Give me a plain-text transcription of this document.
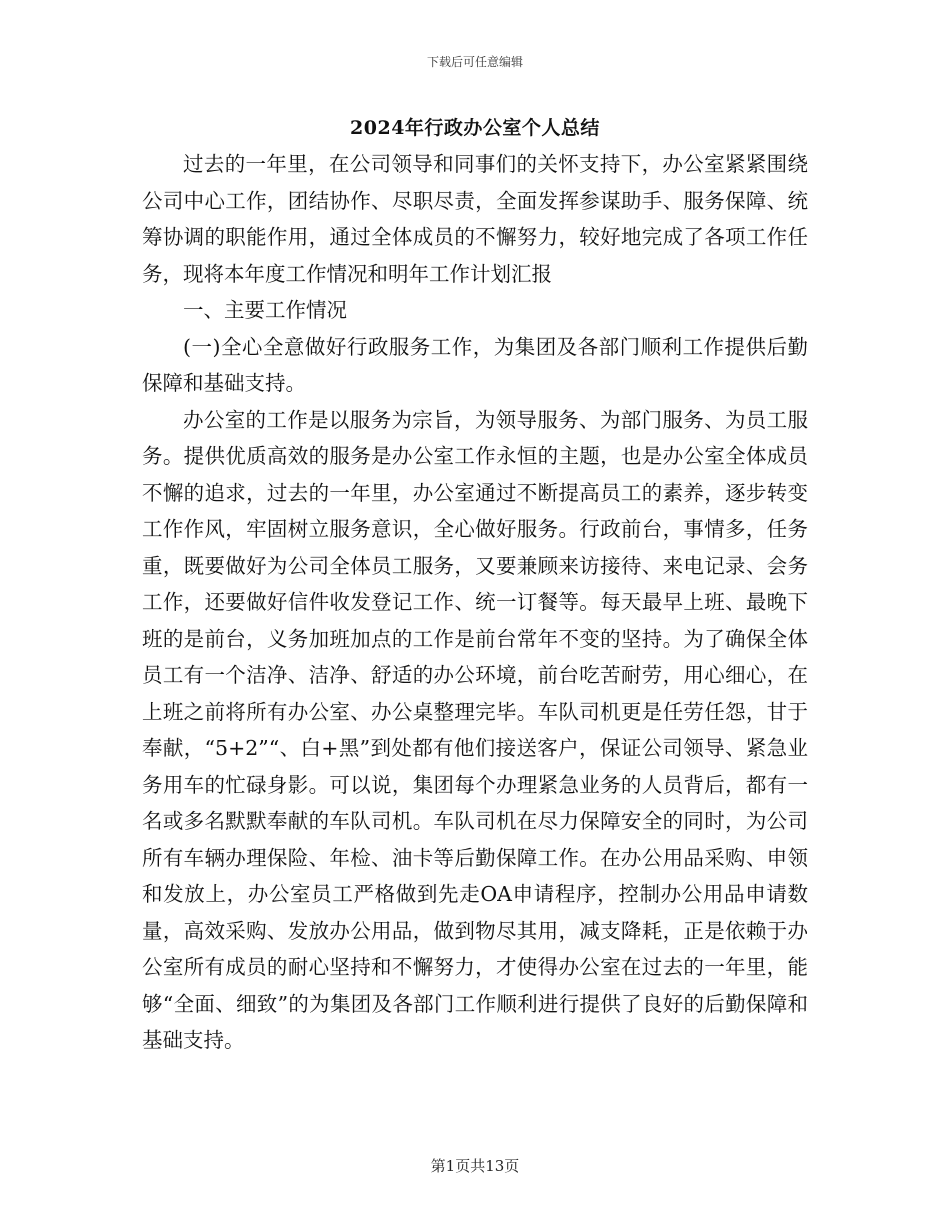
下载后可任意编辑
2024年行政办公室个人总结

过去的一年里，在公司领导和同事们的关怀支持下，办公室紧紧围绕公司中心工作，团结协作、尽职尽责，全面发挥参谋助手、服务保障、统筹协调的职能作用，通过全体成员的不懈努力，较好地完成了各项工作任务，现将本年度工作情况和明年工作计划汇报

一、主要工作情况

(一)全心全意做好行政服务工作，为集团及各部门顺利工作提供后勤保障和基础支持。

办公室的工作是以服务为宗旨，为领导服务、为部门服务、为员工服务。提供优质高效的服务是办公室工作永恒的主题，也是办公室全体成员不懈的追求，过去的一年里，办公室通过不断提高员工的素养，逐步转变工作作风，牢固树立服务意识，全心做好服务。行政前台，事情多，任务重，既要做好为公司全体员工服务，又要兼顾来访接待、来电记录、会务工作，还要做好信件收发登记工作、统一订餐等。每天最早上班、最晚下班的是前台，义务加班加点的工作是前台常年不变的坚持。为了确保全体员工有一个洁净、洁净、舒适的办公环境，前台吃苦耐劳，用心细心，在上班之前将所有办公室、办公桌整理完毕。车队司机更是任劳任怨，甘于奉献，“5+2”“、白+黑”到处都有他们接送客户，保证公司领导、紧急业务用车的忙碌身影。可以说，集团每个办理紧急业务的人员背后，都有一名或多名默默奉献的车队司机。车队司机在尽力保障安全的同时，为公司所有车辆办理保险、年检、油卡等后勤保障工作。在办公用品采购、申领和发放上，办公室员工严格做到先走OA申请程序，控制办公用品申请数量，高效采购、发放办公用品，做到物尽其用，减支降耗，正是依赖于办公室所有成员的耐心坚持和不懈努力，才使得办公室在过去的一年里，能够“全面、细致”的为集团及各部门工作顺利进行提供了良好的后勤保障和基础支持。

第1页共13页
